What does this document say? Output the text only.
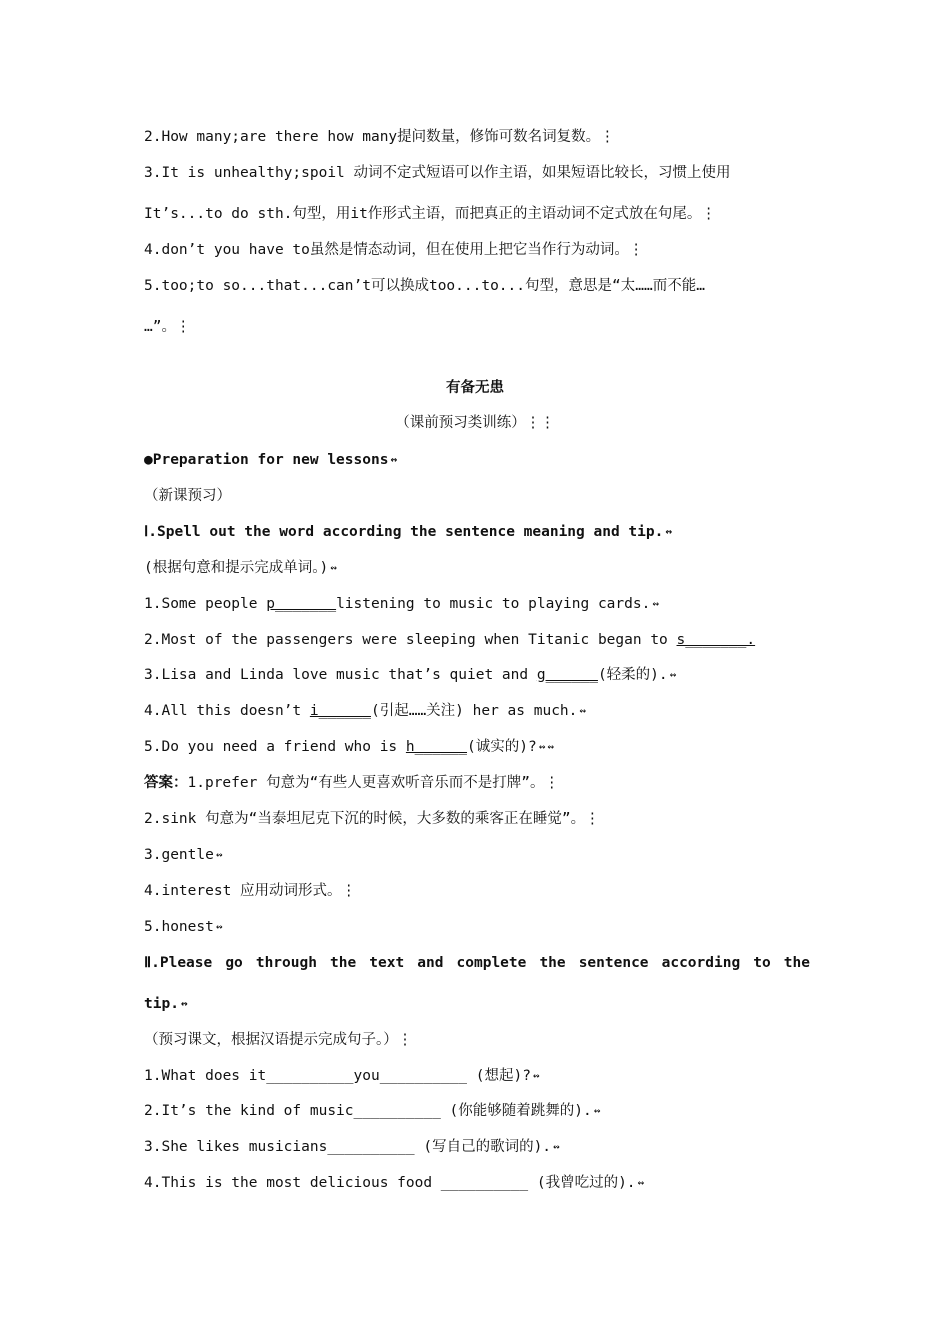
2.How many;are there how many提问数量，修饰可数名词复数。⋮
3.It is unhealthy;spoil 动词不定式短语可以作主语，如果短语比较长，习惯上使用
It’s...to do sth.句型，用it作形式主语，而把真正的主语动词不定式放在句尾。⋮
4.don’t you have to虽然是情态动词，但在使用上把它当作行为动词。⋮
5.too;to so...that...can’t可以换成too...to...句型，意思是“太……而不能…
…”。⋮
有备无患
（课前预习类训练）⋮⋮
●Preparation for new lessons ↭
（新课预习）
Ⅰ.Spell out the word according the sentence meaning and tip. ↭
(根据句意和提示完成单词。) ↭
1.Some people p_______listening to music to playing cards. ↭
2.Most of the passengers were sleeping when Titanic began to s_______.
3.Lisa and Linda love music that’s quiet and g______(轻柔的). ↭
4.All this doesn’t i______(引起……关注) her as much. ↭
5.Do you need a friend who is h______(诚实的)? ↭ ↭
答案：1.prefer 句意为“有些人更喜欢听音乐而不是打牌”。⋮
2.sink 句意为“当泰坦尼克下沉的时候，大多数的乘客正在睡觉”。⋮
3.gentle ↭
4.interest 应用动词形式。⋮
5.honest ↭
Ⅱ.Please go through the text and complete the sentence according to the
tip. ↭
（预习课文，根据汉语提示完成句子。）⋮
1.What does it__________you__________ (想起)? ↭
2.It’s the kind of music__________ (你能够随着跳舞的). ↭
3.She likes musicians__________ (写自己的歌词的). ↭
4.This is the most delicious food __________ (我曾吃过的). ↭
